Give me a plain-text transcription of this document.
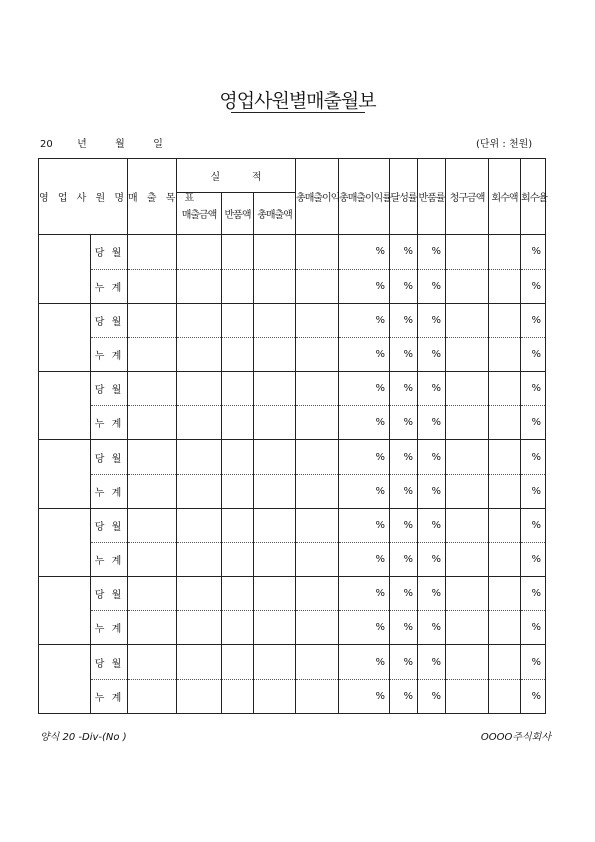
영업사원별매출월보
20 년	월	일	(단위 : 천원)
영 업 사 원 명		매 출 목 표	실          적			총매출이익	총매출이익률	달성률	반품률	청구금액	회수액	회수율
			매출금액	반품액	총매출액							
	당 월						%	%	%			%
	누 계						%	%	%			%
	당 월						%	%	%			%
	누 계						%	%	%			%
	당 월						%	%	%			%
	누 계						%	%	%			%
	당 월						%	%	%			%
	누 계						%	%	%			%
	당 월						%	%	%			%
	누 계						%	%	%			%
	당 월						%	%	%			%
	누 계						%	%	%			%
	당 월						%	%	%			%
	누 계						%	%	%			%
양식 20 -Div-(No )	OOOO주식회사
